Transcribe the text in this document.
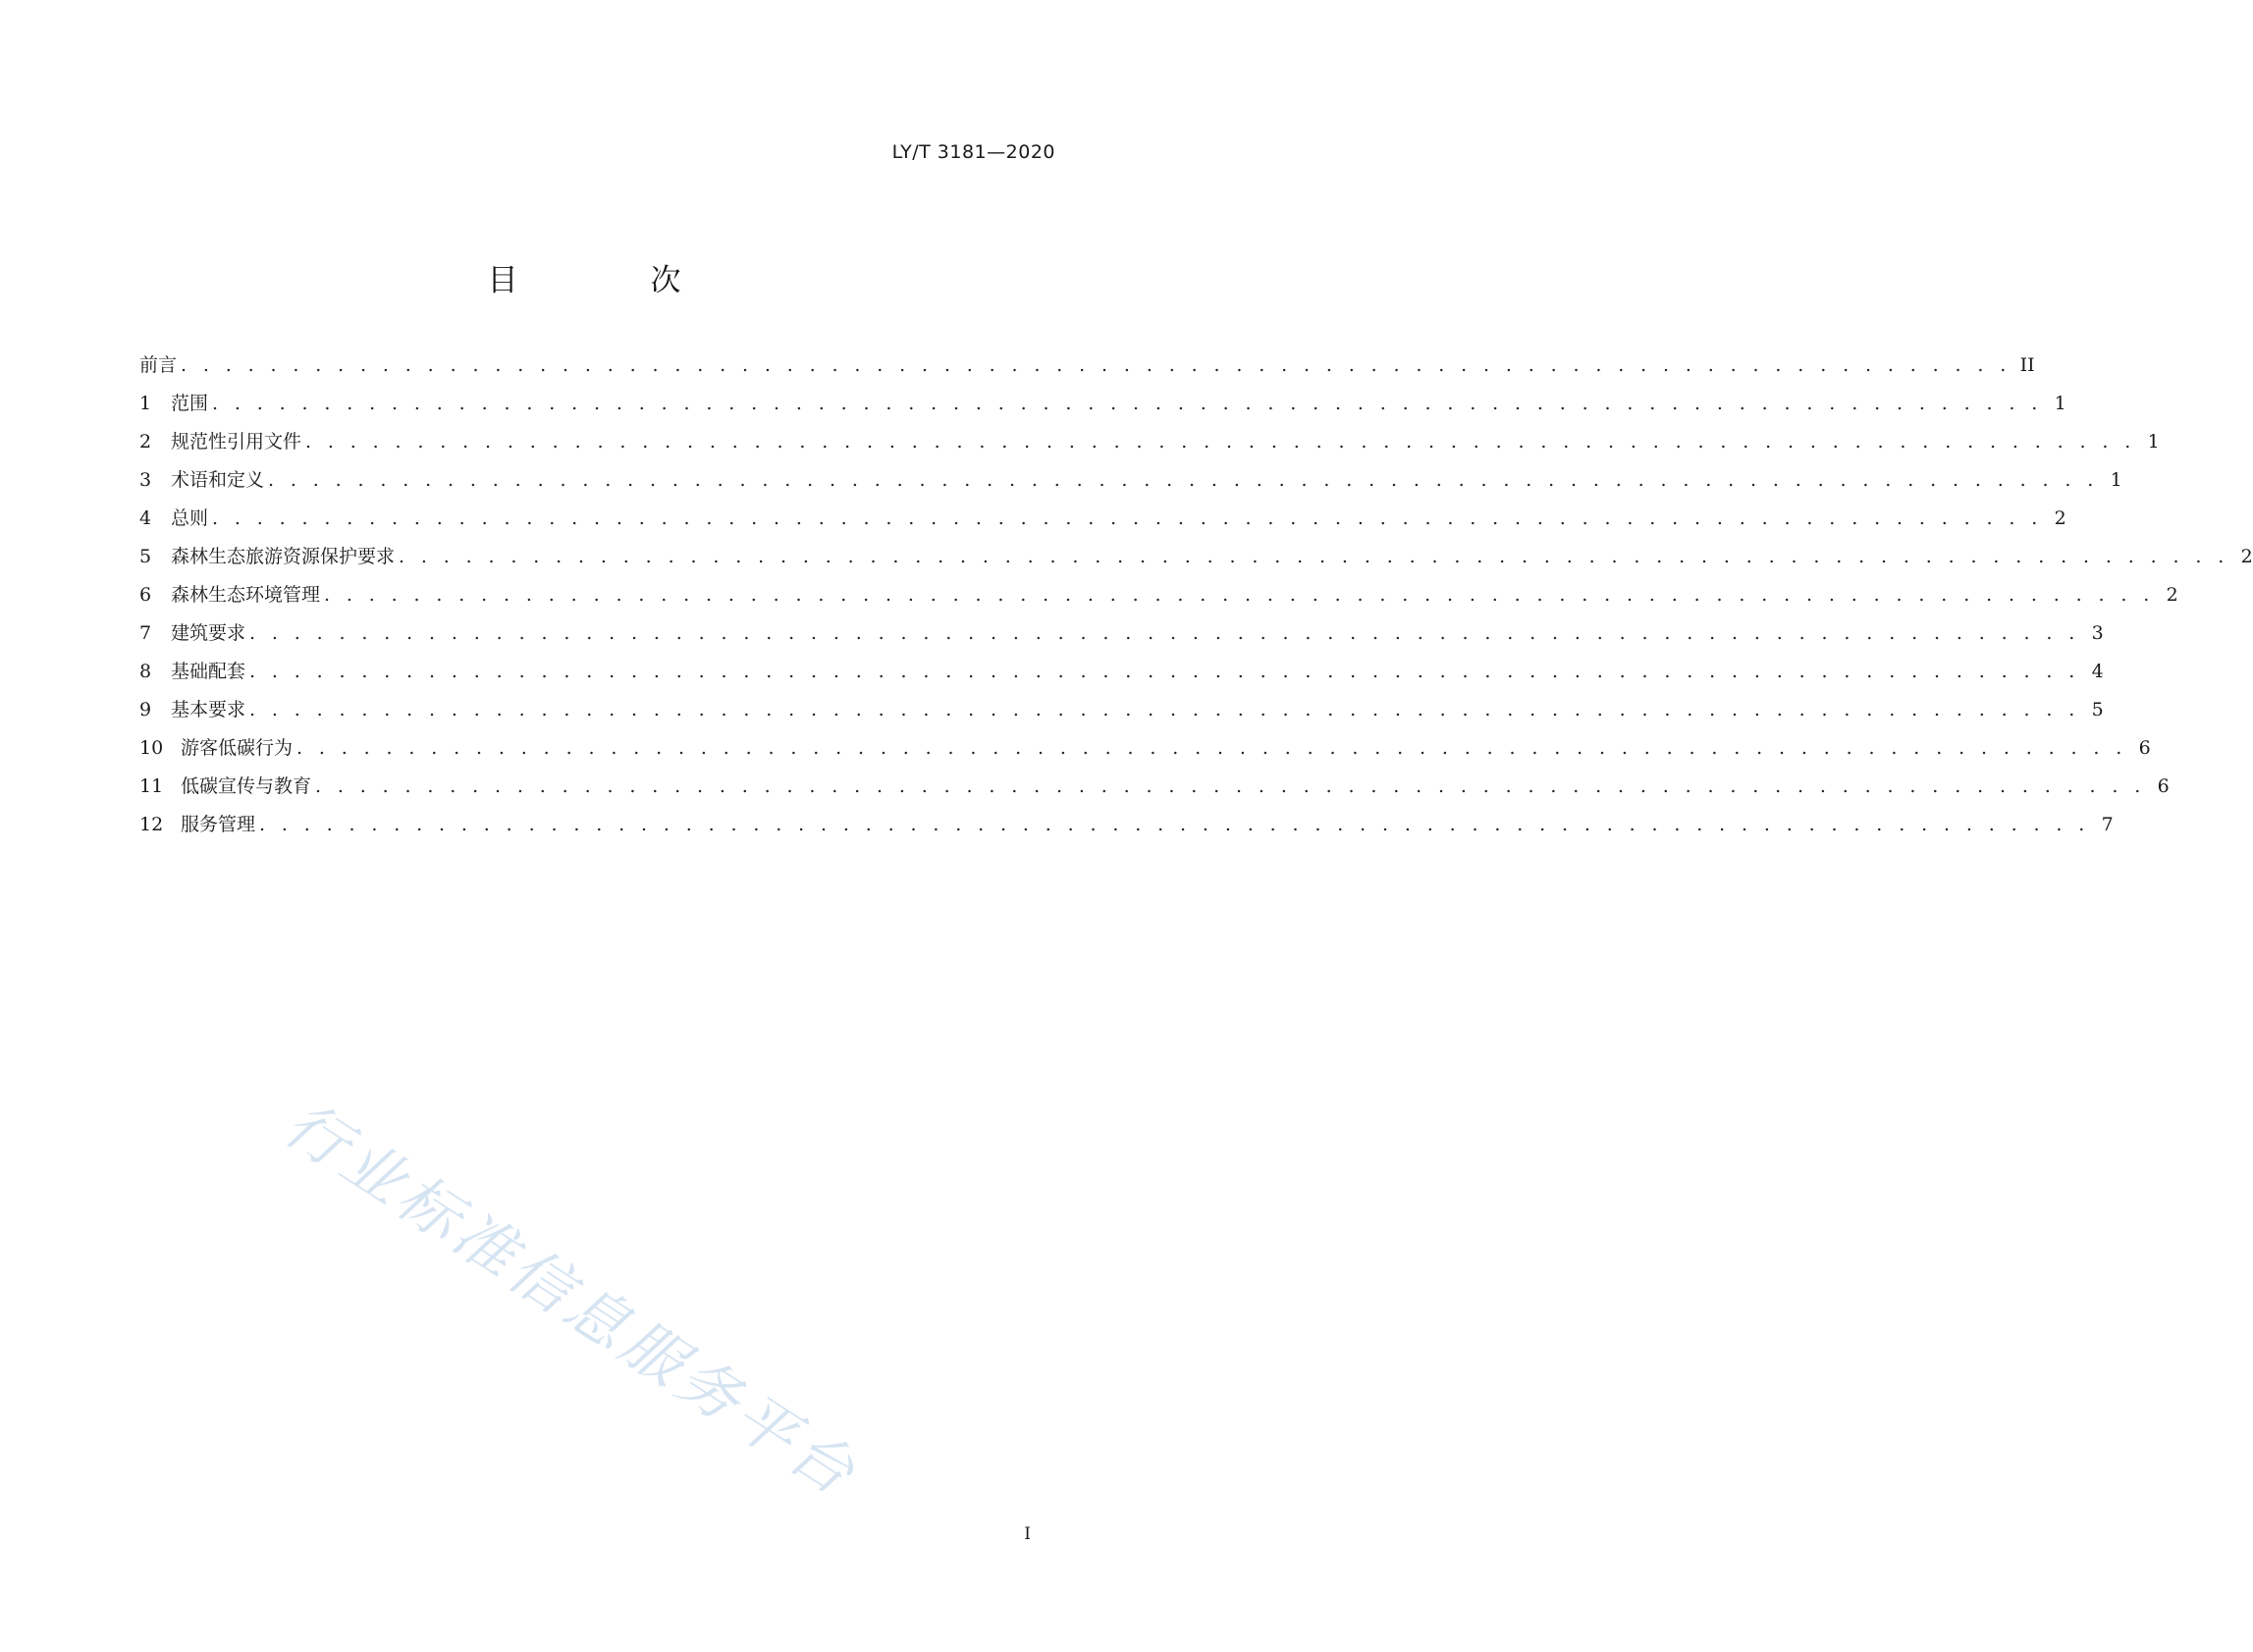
LY/T 3181—2020
目　次
前言 . . . . . . . . . . . . . . . . . . . . . . . . . . . . . . . . . . . . . . . . . . . . . . . . . . . . . . . . . . . . . . . . . . . . . . . . . . . . . . . . . . II
1	范围 . . . . . . . . . . . . . . . . . . . . . . . . . . . . . . . . . . . . . . . . . . . . . . . . . . . . . . . . . . . . . . . . . . . . . . . . . . . . . . . . . . 1
2	规范性引用文件 . . . . . . . . . . . . . . . . . . . . . . . . . . . . . . . . . . . . . . . . . . . . . . . . . . . . . . . . . . . . . . . . . . . . . . . . . . . . . . . . . . 1
3	术语和定义 . . . . . . . . . . . . . . . . . . . . . . . . . . . . . . . . . . . . . . . . . . . . . . . . . . . . . . . . . . . . . . . . . . . . . . . . . . . . . . . . . . 1
4	总则 . . . . . . . . . . . . . . . . . . . . . . . . . . . . . . . . . . . . . . . . . . . . . . . . . . . . . . . . . . . . . . . . . . . . . . . . . . . . . . . . . . 2
5	森林生态旅游资源保护要求 . . . . . . . . . . . . . . . . . . . . . . . . . . . . . . . . . . . . . . . . . . . . . . . . . . . . . . . . . . . . . . . . . . . . . . . . . . . . . . . . . . 2
6	森林生态环境管理 . . . . . . . . . . . . . . . . . . . . . . . . . . . . . . . . . . . . . . . . . . . . . . . . . . . . . . . . . . . . . . . . . . . . . . . . . . . . . . . . . . 2
7	建筑要求 . . . . . . . . . . . . . . . . . . . . . . . . . . . . . . . . . . . . . . . . . . . . . . . . . . . . . . . . . . . . . . . . . . . . . . . . . . . . . . . . . . 3
8	基础配套 . . . . . . . . . . . . . . . . . . . . . . . . . . . . . . . . . . . . . . . . . . . . . . . . . . . . . . . . . . . . . . . . . . . . . . . . . . . . . . . . . . 4
9	基本要求 . . . . . . . . . . . . . . . . . . . . . . . . . . . . . . . . . . . . . . . . . . . . . . . . . . . . . . . . . . . . . . . . . . . . . . . . . . . . . . . . . . 5
10 游客低碳行为 . . . . . . . . . . . . . . . . . . . . . . . . . . . . . . . . . . . . . . . . . . . . . . . . . . . . . . . . . . . . . . . . . . . . . . . . . . . . . . . . . . 6
11 低碳宣传与教育 . . . . . . . . . . . . . . . . . . . . . . . . . . . . . . . . . . . . . . . . . . . . . . . . . . . . . . . . . . . . . . . . . . . . . . . . . . . . . . . . . . 6
12 服务管理 . . . . . . . . . . . . . . . . . . . . . . . . . . . . . . . . . . . . . . . . . . . . . . . . . . . . . . . . . . . . . . . . . . . . . . . . . . . . . . . . . . 7
行业标准信息服务平台
I
